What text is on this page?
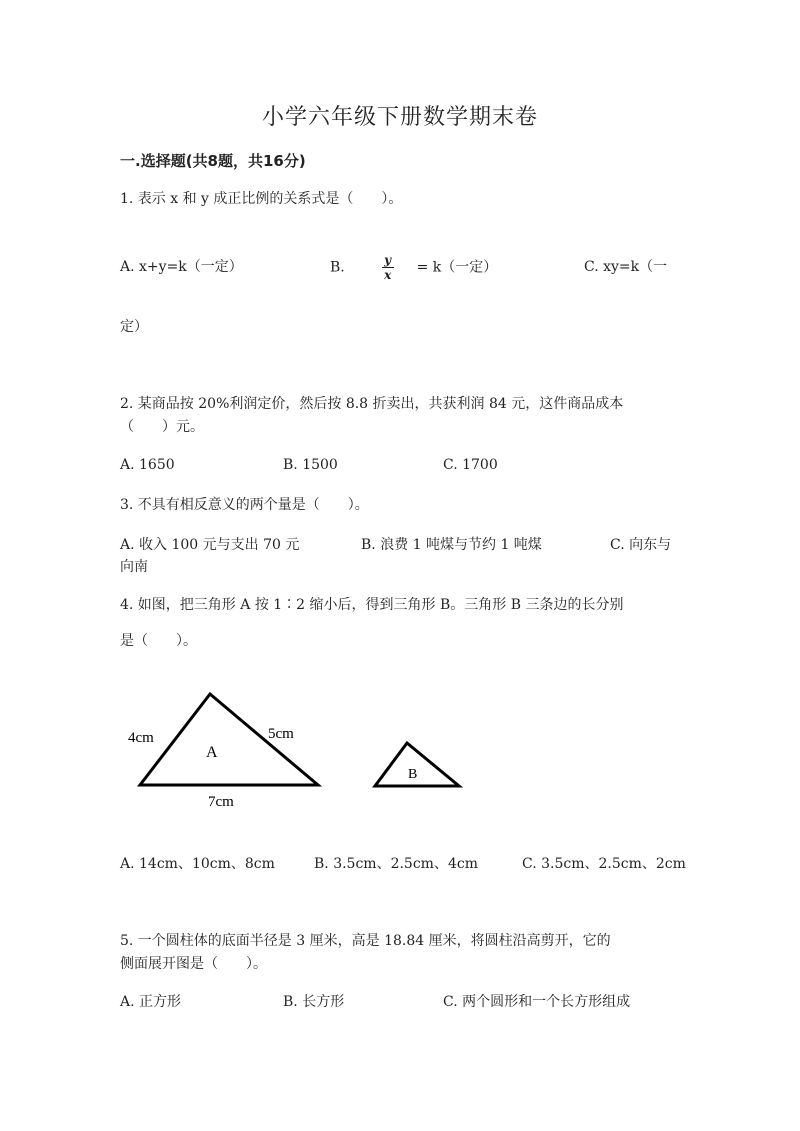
小学六年级下册数学期末卷
一.选择题(共8题，共16分)
1. 表示 x 和 y 成正比例的关系式是（　　）。
A. x+y=k（一定）	B.	$\frac{y}{x} = k$（一定）	C. xy=k（一
定）
2. 某商品按 20%利润定价，然后按 8.8 折卖出，共获利润 84 元，这件商品成本
（　　）元。
A. 1650	B. 1500	C. 1700
3. 不具有相反意义的两个量是（　　）。
A. 收入 100 元与支出 70 元	B. 浪费 1 吨煤与节约 1 吨煤	C. 向东与
向南
4. 如图，把三角形 A 按 1∶2 缩小后，得到三角形 B。三角形 B 三条边的长分别
是（　　）。
4cm	5cm
7cm
A
B
A. 14cm、10cm、8cm	B. 3.5cm、2.5cm、4cm	C. 3.5cm、2.5cm、2cm
5. 一个圆柱体的底面半径是 3 厘米，高是 18.84 厘米，将圆柱沿高剪开，它的
侧面展开图是（　　）。
A. 正方形	B. 长方形	C. 两个圆形和一个长方形组成
